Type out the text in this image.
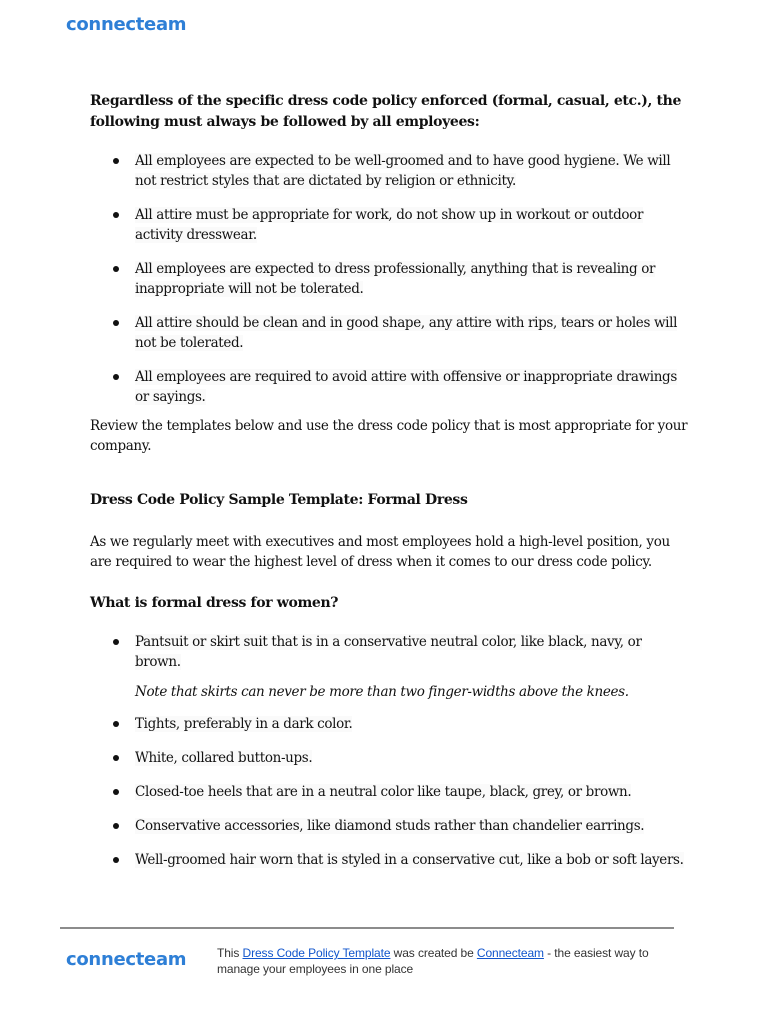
connecteam
Regardless of the specific dress code policy enforced (formal, casual, etc.), the following must always be followed by all employees:
All employees are expected to be well-groomed and to have good hygiene. We will not restrict styles that are dictated by religion or ethnicity.
All attire must be appropriate for work, do not show up in workout or outdoor activity dresswear.
All employees are expected to dress professionally, anything that is revealing or inappropriate will not be tolerated.
All attire should be clean and in good shape, any attire with rips, tears or holes will not be tolerated.
All employees are required to avoid attire with offensive or inappropriate drawings or sayings.

Review the templates below and use the dress code policy that is most appropriate for your company.

Dress Code Policy Sample Template: Formal Dress

As we regularly meet with executives and most employees hold a high-level position, you are required to wear the highest level of dress when it comes to our dress code policy.

What is formal dress for women?
Pantsuit or skirt suit that is in a conservative neutral color, like black, navy, or brown.

Note that skirts can never be more than two finger-widths above the knees.

Tights, preferably in a dark color.
White, collared button-ups.
Closed-toe heels that are in a neutral color like taupe, black, grey, or brown.
Conservative accessories, like diamond studs rather than chandelier earrings.
Well-groomed hair worn that is styled in a conservative cut, like a bob or soft layers.
connecteam	This Dress Code Policy Template was created be Connecteam - the easiest way to manage your employees in one place
